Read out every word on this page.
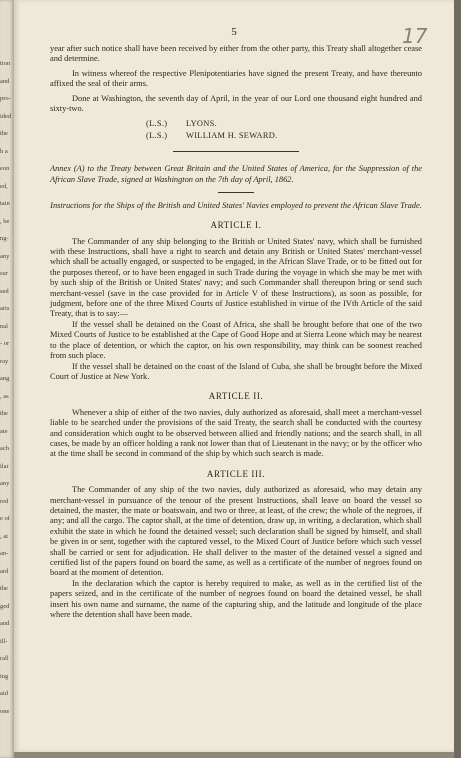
tion
and
pro-
ided
the
h a
eon
ed,
tain
, be
ng-
any
sur
sed
aris
nal
- or
ray
ang
, as
the
ate
ach
ilar
any
red
e of
, at
an-
ard
the
ged
and
ill-
rall
ing
aid
one
5	17

year after such notice shall have been received by either from the other party, this Treaty shall altogether cease and determine.

In witness whereof the respective Plenipotentiaries have signed the present Treaty, and have thereunto affixed the seal of their arms.

Done at Washington, the seventh day of April, in the year of our Lord one thousand eight hundred and sixty-two.

(L.S.)	LYONS.
(L.S.)	WILLIAM H. SEWARD.

Annex (A) to the Treaty between Great Britain and the United States of America, for the Suppression of the African Slave Trade, signed at Washington on the 7th day of April, 1862.

Instructions for the Ships of the British and United States' Navies employed to prevent the African Slave Trade.

ARTICLE I.

The Commander of any ship belonging to the British or United States' navy, which shall be furnished with these Instructions, shall have a right to search and detain any British or United States' merchant-vessel which shall be actually engaged, or suspected to be engaged, in the African Slave Trade, or to be fitted out for the purposes thereof, or to have been engaged in such Trade during the voyage in which she may be met with by such ship of the British or United States' navy; and such Commander shall thereupon bring or send such merchant-vessel (save in the case provided for in Article V of these Instructions), as soon as possible, for judgment, before one of the three Mixed Courts of Justice established in virtue of the IVth Article of the said Treaty, that is to say:—

If the vessel shall be detained on the Coast of Africa, she shall be brought before that one of the two Mixed Courts of Justice to be established at the Cape of Good Hope and at Sierra Leone which may be nearest to the place of detention, or which the captor, on his own responsibility, may think can be soonest reached from such place.

If the vessel shall be detained on the coast of the Island of Cuba, she shall be brought before the Mixed Court of Justice at New York.

ARTICLE II.

Whenever a ship of either of the two navies, duly authorized as aforesaid, shall meet a merchant-vessel liable to be searched under the provisions of the said Treaty, the search shall be conducted with the courtesy and consideration which ought to be observed between allied and friendly nations; and the search shall, in all cases, be made by an officer holding a rank not lower than that of Lieutenant in the navy; or by the officer who at the time shall be second in command of the ship by which such search is made.

ARTICLE III.

The Commander of any ship of the two navies, duly authorized as aforesaid, who may detain any merchant-vessel in pursuance of the tenour of the present Instructions, shall leave on board the vessel so detained, the master, the mate or boatswain, and two or three, at least, of the crew; the whole of the negroes, if any; and all the cargo. The captor shall, at the time of detention, draw up, in writing, a declaration, which shall exhibit the state in which he found the detained vessel; such declaration shall be signed by himself, and shall be given in or sent, together with the captured vessel, to the Mixed Court of Justice before which such vessel shall be carried or sent for adjudication. He shall deliver to the master of the detained vessel a signed and certified list of the papers found on board the same, as well as a certificate of the number of negroes found on board at the moment of detention.

In the declaration which the captor is hereby required to make, as well as in the certified list of the papers seized, and in the certificate of the number of negroes found on board the detained vessel, he shall insert his own name and surname, the name of the capturing ship, and the latitude and longitude of the place where the detention shall have been made.
